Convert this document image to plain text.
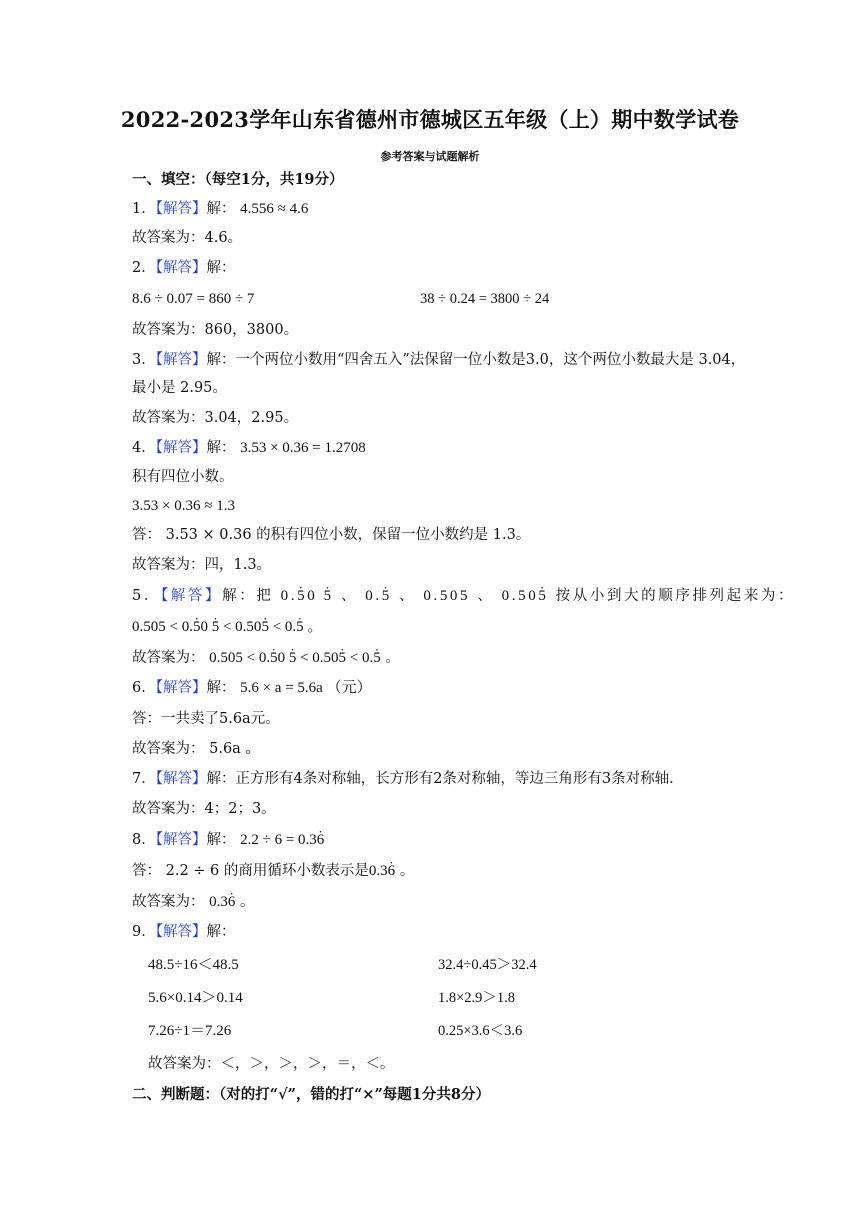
2022-2023学年山东省德州市德城区五年级（上）期中数学试卷
参考答案与试题解析
一、填空：（每空1分，共19分）
1．【解答】解： 4.556 ≈ 4.6
故答案为：4.6。
2．【解答】解：
8.6 ÷ 0.07 = 860 ÷ 7	38 ÷ 0.24 = 3800 ÷ 24
故答案为：860，3800。
3．【解答】解：一个两位小数用“四舍五入”法保留一位小数是3.0，这个两位小数最大是 3.04，
最小是 2.95。
故答案为：3.04，2.95。
4．【解答】解： 3.53 × 0.36 = 1.2708
积有四位小数。
3.53 × 0.36 ≈ 1.3
答： 3.53 × 0.36 的积有四位小数，保留一位小数约是 1.3。
故答案为：四，1.3。
5．【解答】解：把 0.5 ·0 5 · 、 0.5 · 、 0.505 、 0.505 · 按从小到大的顺序排列起来为：
0.505 < 0.5 ·0 5 · < 0.505 · < 0.5 · 。
故答案为： 0.505 < 0.5 ·0 5 · < 0.505 · < 0.5 · 。
6．【解答】解： 5.6 × a = 5.6a （元）
答：一共卖了5.6a元。
故答案为： 5.6a 。
7．【解答】解：正方形有4条对称轴，长方形有2条对称轴，等边三角形有3条对称轴．
故答案为：4；2；3。
8．【解答】解： 2.2 ÷ 6 = 0.36 ·
答： 2.2 ÷ 6 的商用循环小数表示是0.36 · 。
故答案为： 0.36 · 。
9．【解答】解：
48.5÷16＜48.5	32.4÷0.45＞32.4
5.6×0.14＞0.14	1.8×2.9＞1.8
7.26÷1＝7.26	0.25×3.6＜3.6
故答案为：＜，＞，＞，＞，＝，＜。
二、判断题：（对的打“√”，错的打“×”每题1分共8分）
